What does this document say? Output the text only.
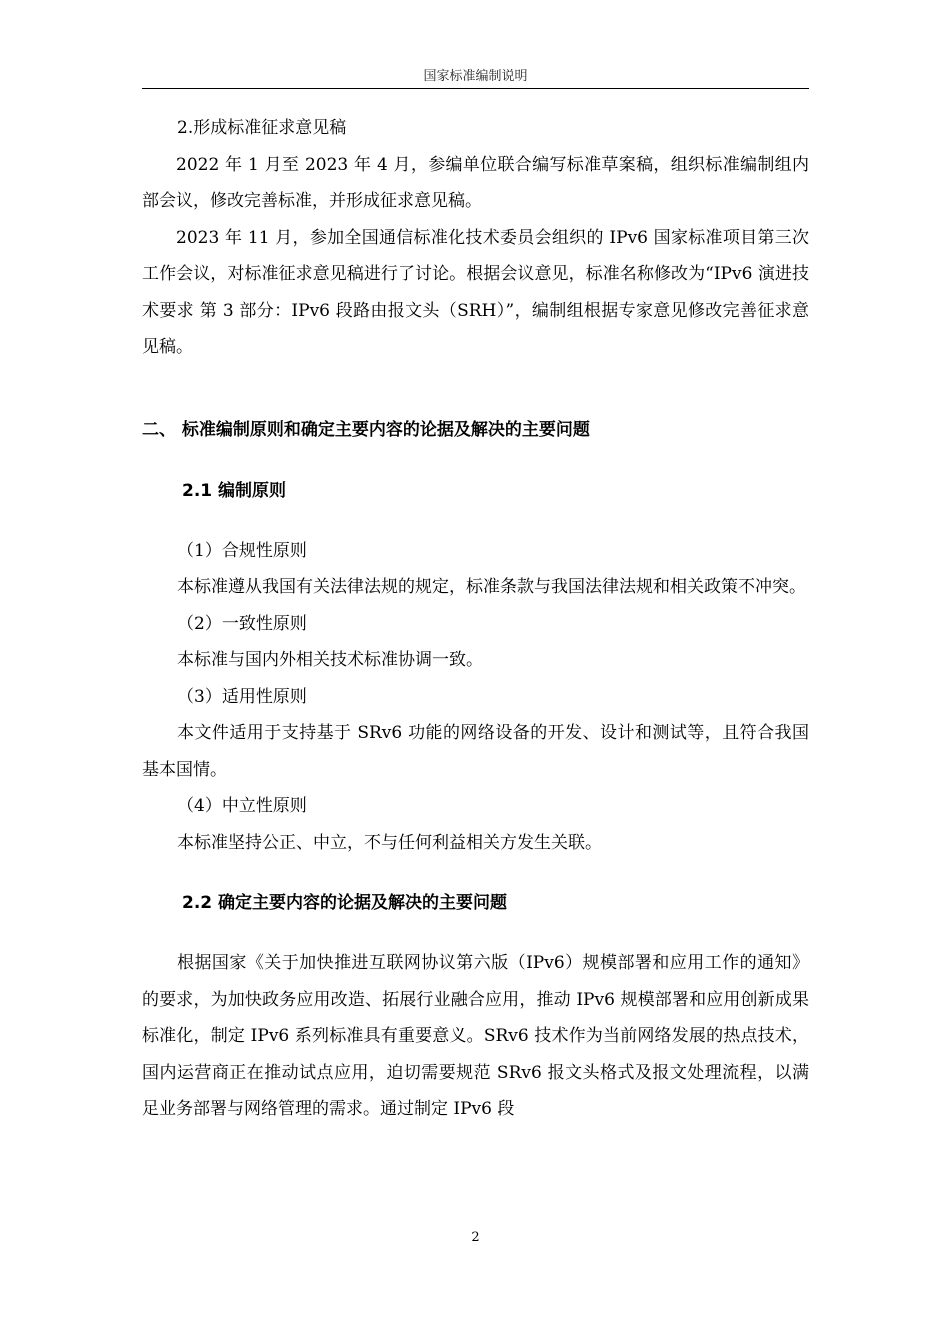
国家标准编制说明

2.形成标准征求意见稿

2022 年 1 月至 2023 年 4 月，参编单位联合编写标准草案稿，组织标准编制组内部会议，修改完善标准，并形成征求意见稿。

2023 年 11 月，参加全国通信标准化技术委员会组织的 IPv6 国家标准项目第三次工作会议，对标准征求意见稿进行了讨论。根据会议意见，标准名称修改为“IPv6 演进技术要求 第 3 部分：IPv6 段路由报文头（SRH）”，编制组根据专家意见修改完善征求意见稿。

二、 标准编制原则和确定主要内容的论据及解决的主要问题
2.1 编制原则

（1）合规性原则

本标准遵从我国有关法律法规的规定，标准条款与我国法律法规和相关政策不冲突。

（2）一致性原则

本标准与国内外相关技术标准协调一致。

（3）适用性原则

本文件适用于支持基于 SRv6 功能的网络设备的开发、设计和测试等，且符合我国基本国情。

（4）中立性原则

本标准坚持公正、中立，不与任何利益相关方发生关联。

2.2 确定主要内容的论据及解决的主要问题

根据国家《关于加快推进互联网协议第六版（IPv6）规模部署和应用工作的通知》的要求，为加快政务应用改造、拓展行业融合应用，推动 IPv6 规模部署和应用创新成果标准化，制定 IPv6 系列标准具有重要意义。SRv6 技术作为当前网络发展的热点技术，国内运营商正在推动试点应用，迫切需要规范 SRv6 报文头格式及报文处理流程，以满足业务部署与网络管理的需求。通过制定 IPv6 段

2
